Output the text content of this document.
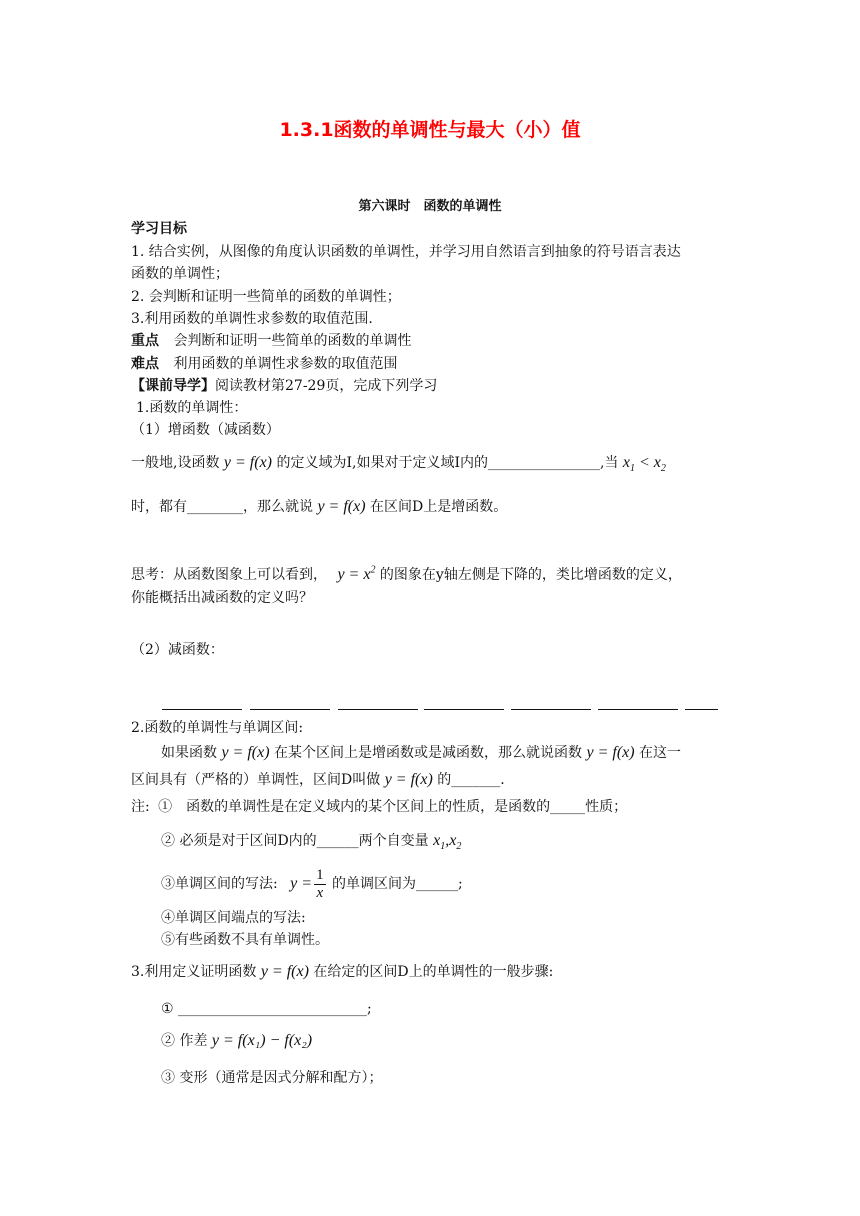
1.3.1函数的单调性与最大（小）值
第六课时　函数的单调性
学习目标
1. 结合实例，从图像的角度认识函数的单调性，并学习用自然语言到抽象的符号语言表达
函数的单调性；
2. 会判断和证明一些简单的函数的单调性；
3.利用函数的单调性求参数的取值范围.
重点 会判断和证明一些简单的函数的单调性
难点 利用函数的单调性求参数的取值范围
【课前导学】阅读教材第27-29页，完成下列学习
1.函数的单调性：
（1）增函数（减函数）
一般地,设函数 y = f(x) 的定义域为I,如果对于定义域I内的________________,当 $x_1 < x_2$
时，都有________，那么就说 y = f(x) 在区间D上是增函数。
思考：从函数图象上可以看到， $y = x^2$ 的图象在y轴左侧是下降的，类比增函数的定义，
你能概括出减函数的定义吗？
（2）减函数：
2.函数的单调性与单调区间:
如果函数 y = f(x) 在某个区间上是增函数或是减函数，那么就说函数 y = f(x) 在这一
区间具有（严格的）单调性，区间D叫做 y = f(x) 的_______.
注: ①　函数的单调性是在定义域内的某个区间上的性质，是函数的_____性质；
② 必须是对于区间D内的______两个自变量 $x_1,x_2$
③单调区间的写法: $y = \frac{1}{x}$ 的单调区间为______;
④单调区间端点的写法:
⑤有些函数不具有单调性。
3.利用定义证明函数 y = f(x) 在给定的区间D上的单调性的一般步骤:
① ___________________________;
② 作差 y = f(x₁) − f(x₂)
③ 变形（通常是因式分解和配方）；
